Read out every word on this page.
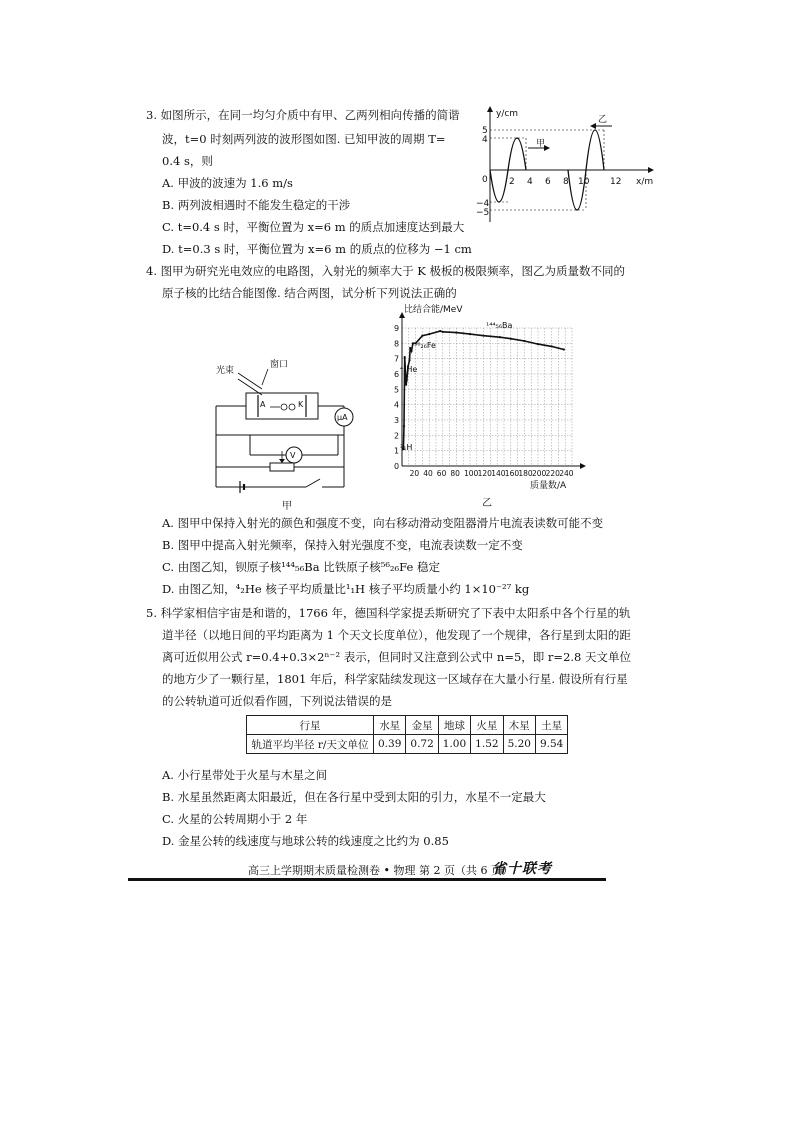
3. 如图所示，在同一均匀介质中有甲、乙两列相向传播的简谐
波，t=0 时刻两列波的波形图如图. 已知甲波的周期 T=
0.4 s，则
A. 甲波的波速为 1.6 m/s
B. 两列波相遇时不能发生稳定的干涉
C. t=0.4 s 时，平衡位置为 x=6 m 的质点加速度达到最大
D. t=0.3 s 时，平衡位置为 x=6 m 的质点的位移为 −1 cm
y/cm
x/m
0
5
4
−4
−5
2 4 6 8 10 12
甲
乙
4. 图甲为研究光电效应的电路图，入射光的频率大于 K 极板的极限频率，图乙为质量数不同的
原子核的比结合能图像. 结合两图，试分析下列说法正确的
光束
窗口
A	K
μA
V
甲
0
1
2
3
4
5
6
7
8
9
20 40 60 80 100 120 140 160 180 200 220 240
比结合能/MeV
质量数/A
¹⁴⁴₅₆Ba
⁵⁶₂₆Fe
⁴₂He
²₁H
乙
A. 图甲中保持入射光的颜色和强度不变，向右移动滑动变阻器滑片电流表读数可能不变
B. 图甲中提高入射光频率，保持入射光强度不变，电流表读数一定不变
C. 由图乙知，钡原子核¹⁴⁴₅₆Ba 比铁原子核⁵⁶₂₆Fe 稳定
D. 由图乙知，⁴₂He 核子平均质量比¹₁H 核子平均质量小约 1×10⁻²⁷ kg
5. 科学家相信宇宙是和谐的，1766 年，德国科学家提丢斯研究了下表中太阳系中各个行星的轨
道半径（以地日间的平均距离为 1 个天文长度单位），他发现了一个规律，各行星到太阳的距
离可近似用公式 r=0.4+0.3×2ⁿ⁻² 表示，但同时又注意到公式中 n=5，即 r=2.8 天文单位
的地方少了一颗行星，1801 年后，科学家陆续发现这一区域存在大量小行星. 假设所有行星
的公转轨道可近似看作圆，下列说法错误的是
行星	水星	金星	地球	火星	木星	土星
轨道平均半径 r/天文单位	0.39	0.72	1.00	1.52	5.20	9.54
A. 小行星带处于火星与木星之间
B. 水星虽然距离太阳最近，但在各行星中受到太阳的引力，水星不一定最大
C. 火星的公转周期小于 2 年
D. 金星公转的线速度与地球公转的线速度之比约为 0.85
高三上学期期末质量检测卷 • 物理 第 2 页（共 6 页）
省十联考
